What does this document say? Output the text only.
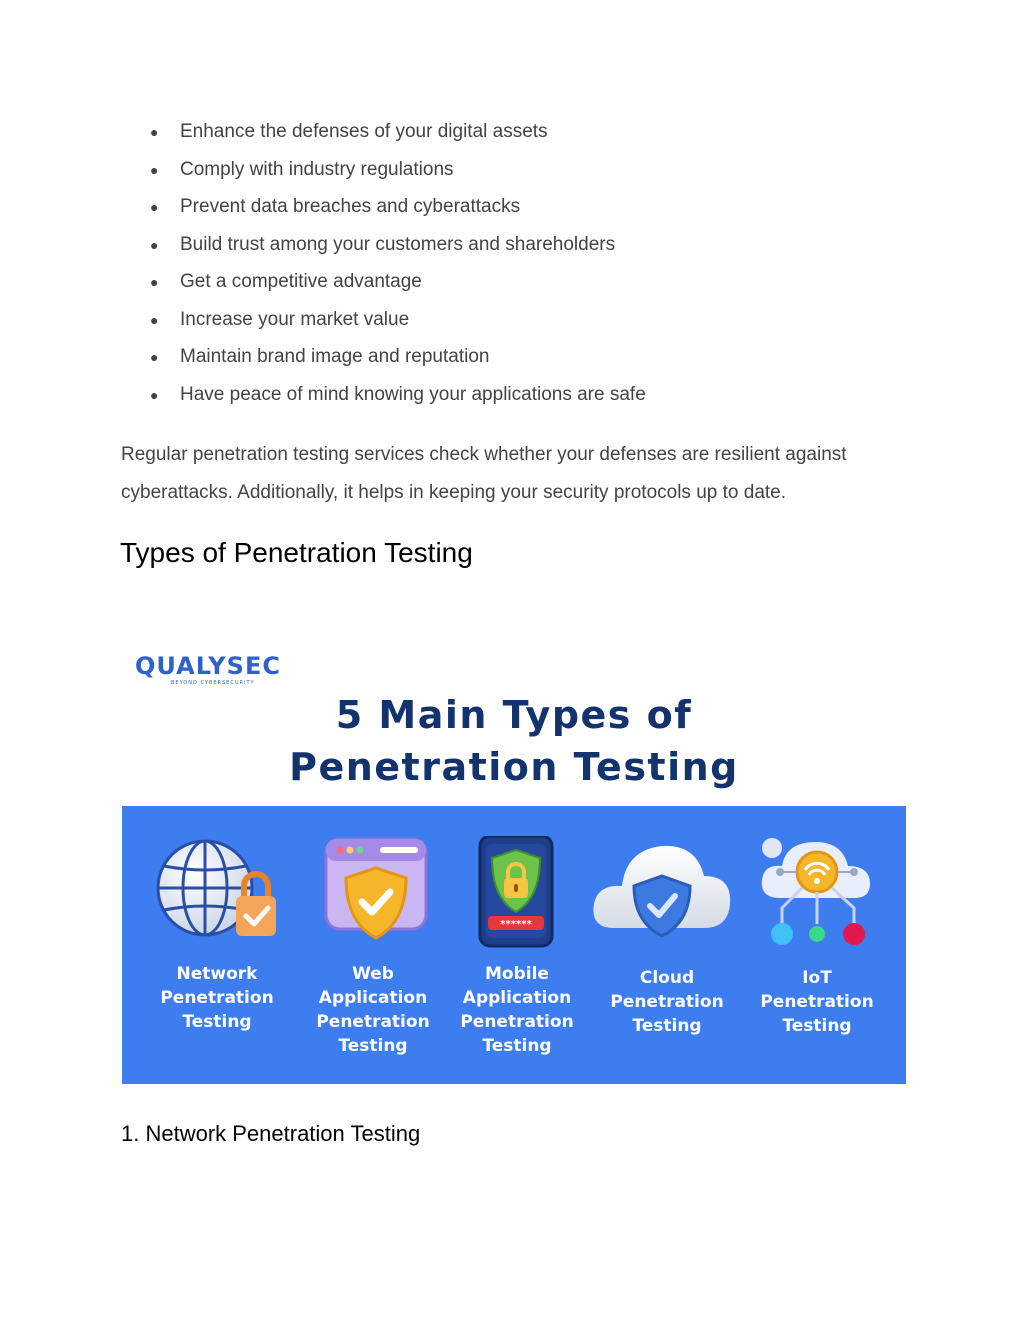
●	Enhance the defenses of your digital assets
●	Comply with industry regulations
●	Prevent data breaches and cyberattacks
●	Build trust among your customers and shareholders
●	Get a competitive advantage
●	Increase your market value
●	Maintain brand image and reputation
●	Have peace of mind knowing your applications are safe

Regular penetration testing services check whether your defenses are resilient against cyberattacks. Additionally, it helps in keeping your security protocols up to date.

Types of Penetration Testing
QUALYSEC
BEYOND CYBERSECURITY
5 Main Types of
Penetration Testing
Network
Penetration
Testing
Web
Application
Penetration
Testing
******
Mobile
Application
Penetration
Testing
Cloud
Penetration
Testing
IoT
Penetration
Testing
1. Network Penetration Testing
